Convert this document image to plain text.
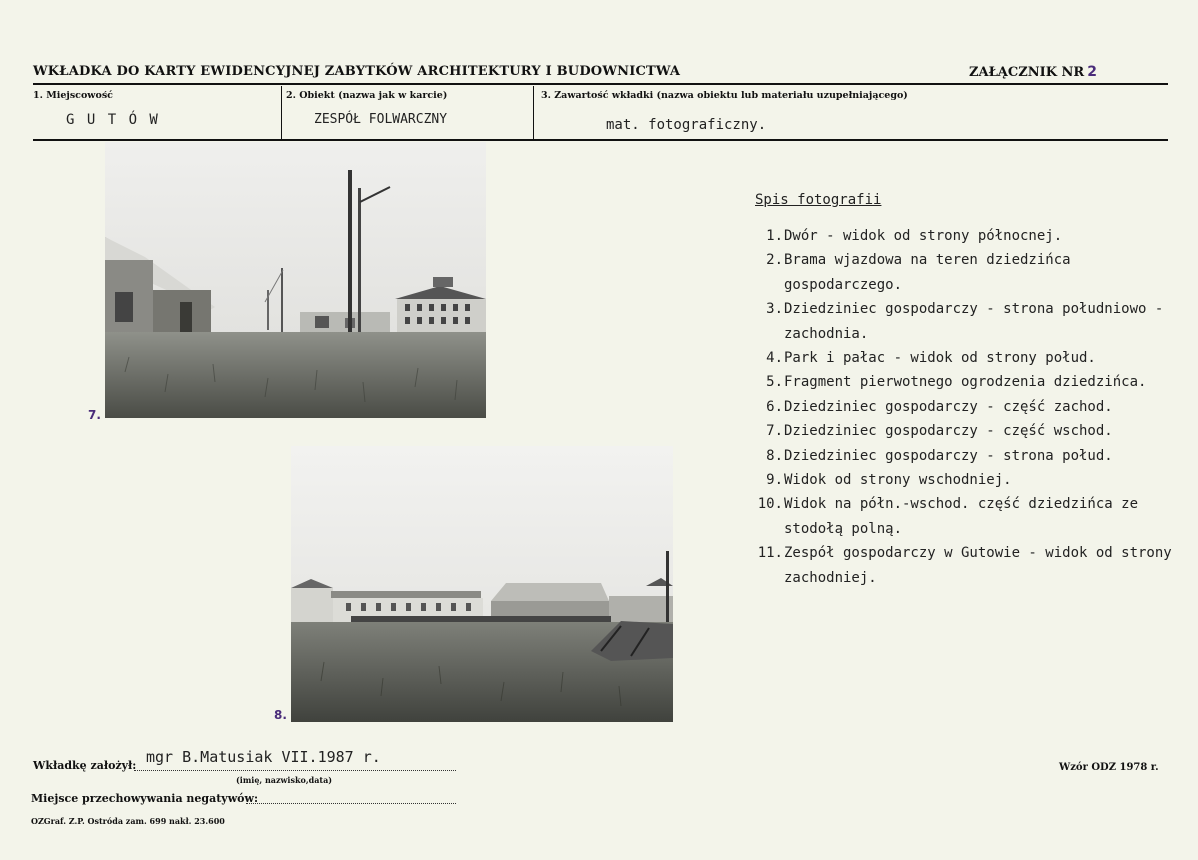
WKŁADKA DO KARTY EWIDENCYJNEJ ZABYTKÓW ARCHITEKTURY I BUDOWNICTWA	ZAŁĄCZNIK NR 2
1. Miejscowość
G U T Ó W
2. Obiekt (nazwa jak w karcie)
ZESPÓŁ FOLWARCZNY
3. Zawartość wkładki (nazwa obiektu lub materiału uzupełniającego)
mat. fotograficzny.
7.
8.
Spis fotografii
1. Dwór - widok od strony północnej.
2. Brama wjazdowa na teren dziedzińca gospodarczego.
3. Dziedziniec gospodarczy - strona południowo - zachodnia.
4. Park i pałac - widok od strony połud.
5. Fragment pierwotnego ogrodzenia dziedzińca.
6. Dziedziniec gospodarczy - część zachod.
7. Dziedziniec gospodarczy - część wschod.
8. Dziedziniec gospodarczy - strona połud.
9. Widok od strony wschodniej.
10. Widok na półn.-wschod. część dziedzińca ze stodołą polną.
11. Zespół gospodarczy w Gutowie - widok od strony zachodniej.
Wkładkę założył: mgr B.Matusiak VII.1987 r.
(imię, nazwisko,data)
Miejsce przechowywania negatywów:
Wzór ODZ 1978 r.
OZGraf. Z.P. Ostróda zam. 699 nakł. 23.600
